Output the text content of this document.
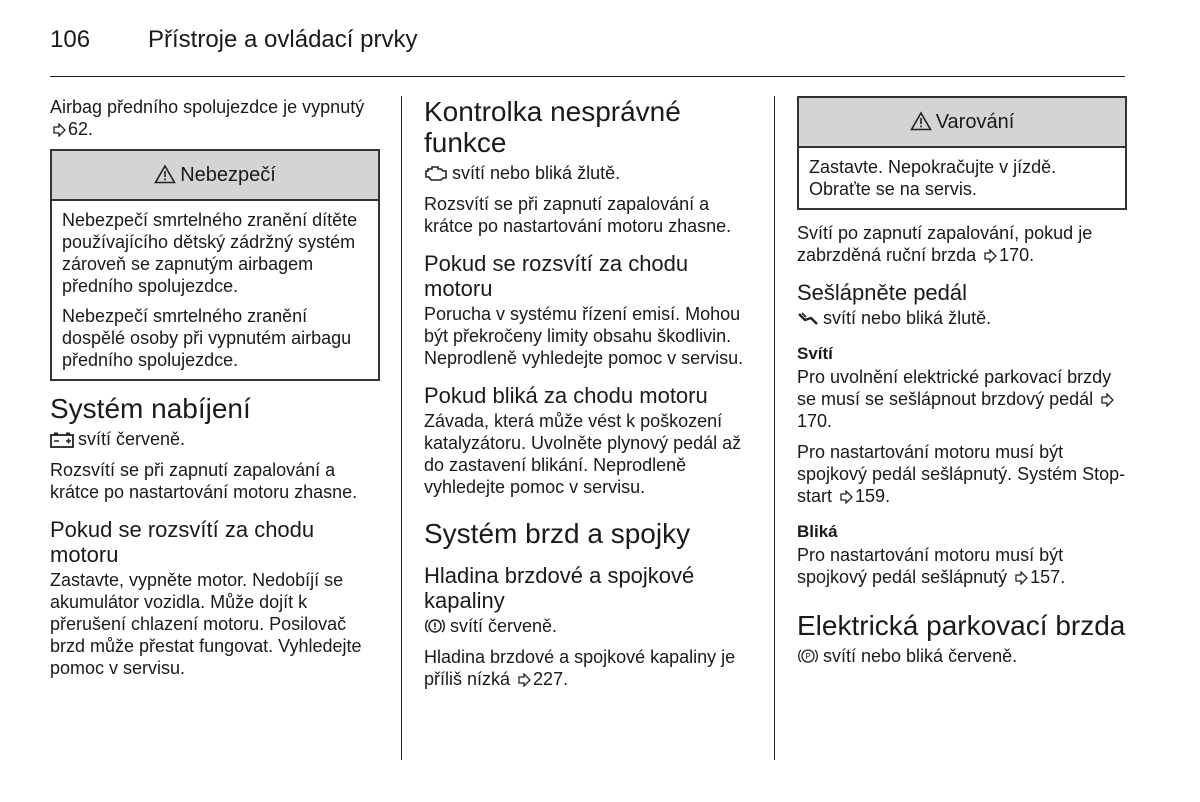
106 Přístroje a ovládací prvky

Airbag předního spolujezdce je vypnutý 62.

Nebezpečí

Nebezpečí smrtelného zranění dítěte používajícího dětský zádržný systém zároveň se zapnutým airbagem předního spolujezdce.

Nebezpečí smrtelného zranění dospělé osoby při vypnutém airbagu předního spolujezdce.

Systém nabíjení

svítí červeně.

Rozsvítí se při zapnutí zapalování a krátce po nastartování motoru zhasne.

Pokud se rozsvítí za chodu motoru

Zastavte, vypněte motor. Nedobíjí se akumulátor vozidla. Může dojít k přerušení chlazení motoru. Posilovač brzd může přestat fungovat. Vyhledejte pomoc v servisu.

Kontrolka nesprávné funkce

svítí nebo bliká žlutě.

Rozsvítí se při zapnutí zapalování a krátce po nastartování motoru zhasne.

Pokud se rozsvítí za chodu motoru

Porucha v systému řízení emisí. Mohou být překročeny limity obsahu škodlivin. Neprodleně vyhledejte pomoc v servisu.

Pokud bliká za chodu motoru

Závada, která může vést k poškození katalyzátoru. Uvolněte plynový pedál až do zastavení blikání. Neprodleně vyhledejte pomoc v servisu.

Systém brzd a spojky
Hladina brzdové a spojkové kapaliny

svítí červeně.

Hladina brzdové a spojkové kapaliny je příliš nízká 227.

Varování

Zastavte. Nepokračujte v jízdě. Obraťte se na servis.

Svítí po zapnutí zapalování, pokud je zabrzděná ruční brzda 170.

Sešlápněte pedál

svítí nebo bliká žlutě.

Svítí

Pro uvolnění elektrické parkovací brzdy se musí se sešlápnout brzdový pedál 170.

Pro nastartování motoru musí být spojkový pedál sešlápnutý. Systém Stop-start 159.

Bliká

Pro nastartování motoru musí být spojkový pedál sešlápnutý 157.

Elektrická parkovací brzda

P svítí nebo bliká červeně.
